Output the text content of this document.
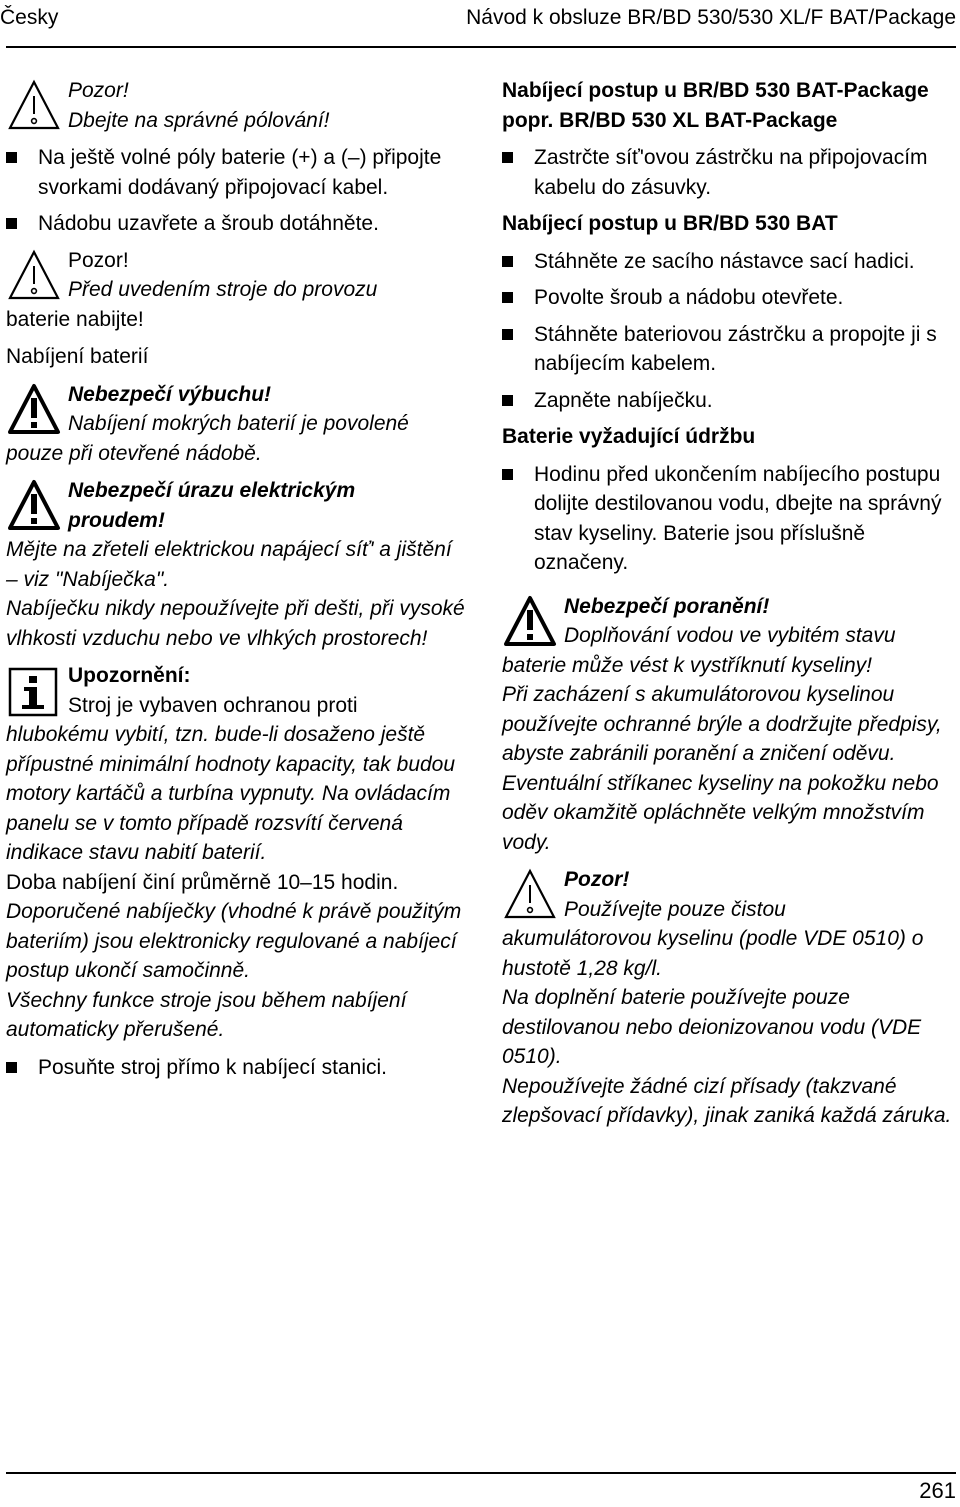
Česky	Návod k obsluze BR/BD 530/530 XL/F BAT/Package
Pozor!
Dbejte na správné pólování!
Na ještě volné póly baterie (+) a (–) připojte svorkami dodávaný připojovací kabel.
Nádobu uzavřete a šroub dotáhněte.
Pozor!
Před uvedením stroje do provozu
baterie nabijte!
Nabíjení baterií
Nebezpečí výbuchu!
Nabíjení mokrých baterií je povolené
pouze při otevřené nádobě.
Nebezpečí úrazu elektrickým
proudem!
Mějte na zřeteli elektrickou napájecí síť' a jištění – viz "Nabíječka".
Nabíječku nikdy nepoužívejte při dešti, při vysoké vlhkosti vzduchu nebo ve vlhkých prostorech!
Upozornění:
Stroj je vybaven ochranou proti
hlubokému vybití, tzn. bude-li dosaženo ještě přípustné minimální hodnoty kapacity, tak budou motory kartáčů a turbína vypnuty. Na ovládacím panelu se v tomto případě rozsvítí červená indikace stavu nabití baterií.
Doba nabíjení činí průměrně 10–15 hodin.
Doporučené nabíječky (vhodné k právě použitým bateriím) jsou elektronicky regulované a nabíjecí postup ukončí samočinně.
Všechny funkce stroje jsou během nabíjení automaticky přerušené.
Posuňte stroj přímo k nabíjecí stanici.
Nabíjecí postup u BR/BD 530 BAT-Package popr. BR/BD 530 XL BAT-Package
Zastrčte síť'ovou zástrčku na připojovacím kabelu do zásuvky.
Nabíjecí postup u BR/BD 530 BAT
Stáhněte ze sacího nástavce sací hadici.
Povolte šroub a nádobu otevřete.
Stáhněte bateriovou zástrčku a propojte ji s nabíjecím kabelem.
Zapněte nabíječku.
Baterie vyžadující údržbu
Hodinu před ukončením nabíjecího postupu dolijte destilovanou vodu, dbejte na správný stav kyseliny. Baterie jsou příslušně označeny.
Nebezpečí poranění!
Doplňování vodou ve vybitém stavu
baterie může vést k vystříknutí kyseliny!
Při zacházení s akumulátorovou kyselinou používejte ochranné brýle a dodržujte předpisy, abyste zabránili poranění a zničení oděvu.
Eventuální stříkanec kyseliny na pokožku nebo oděv okamžitě opláchněte velkým množstvím vody.
Pozor!
Používejte pouze čistou
akumulátorovou kyselinu (podle VDE 0510) o hustotě 1,28 kg/l.
Na doplnění baterie používejte pouze destilovanou nebo deionizovanou vodu (VDE 0510).
Nepoužívejte žádné cizí přísady (takzvané zlepšovací přídavky), jinak zaniká každá záruka.
261
